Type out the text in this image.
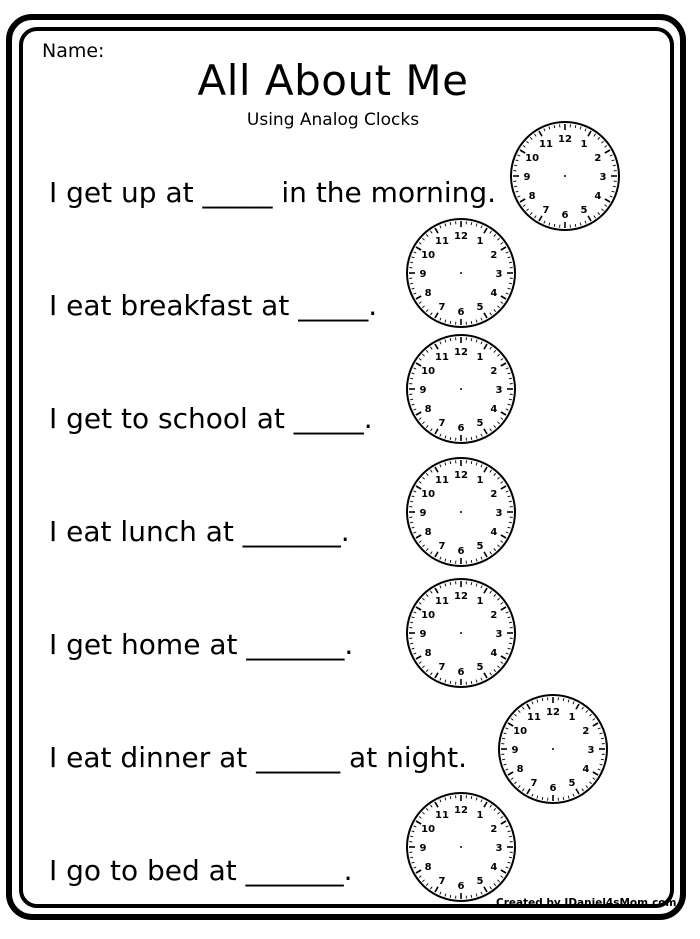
Name:
All About Me
Using Analog Clocks
I get up at _____ in the morning.
I eat breakfast at _____.
I get to school at _____.
I eat lunch at _______.
I get home at _______.
I eat dinner at ______ at night.
I go to bed at _______.
12 1
2
3
4
5
6
7
8
9
10
11
12 1
2
3
4
5
6
7
8
9
10
11
12 1
2
3
4
5
6
7
8
9
10
11
12 1
2
3
4
5
6
7
8
9
10
11
12 1
2
3
4
5
6
7
8
9
10
11
12 1
2
3
4
5
6
7
8
9
10
11
12 1
2
3
4
5
6
7
8
9
10
11
Created by JDaniel4sMom.com
